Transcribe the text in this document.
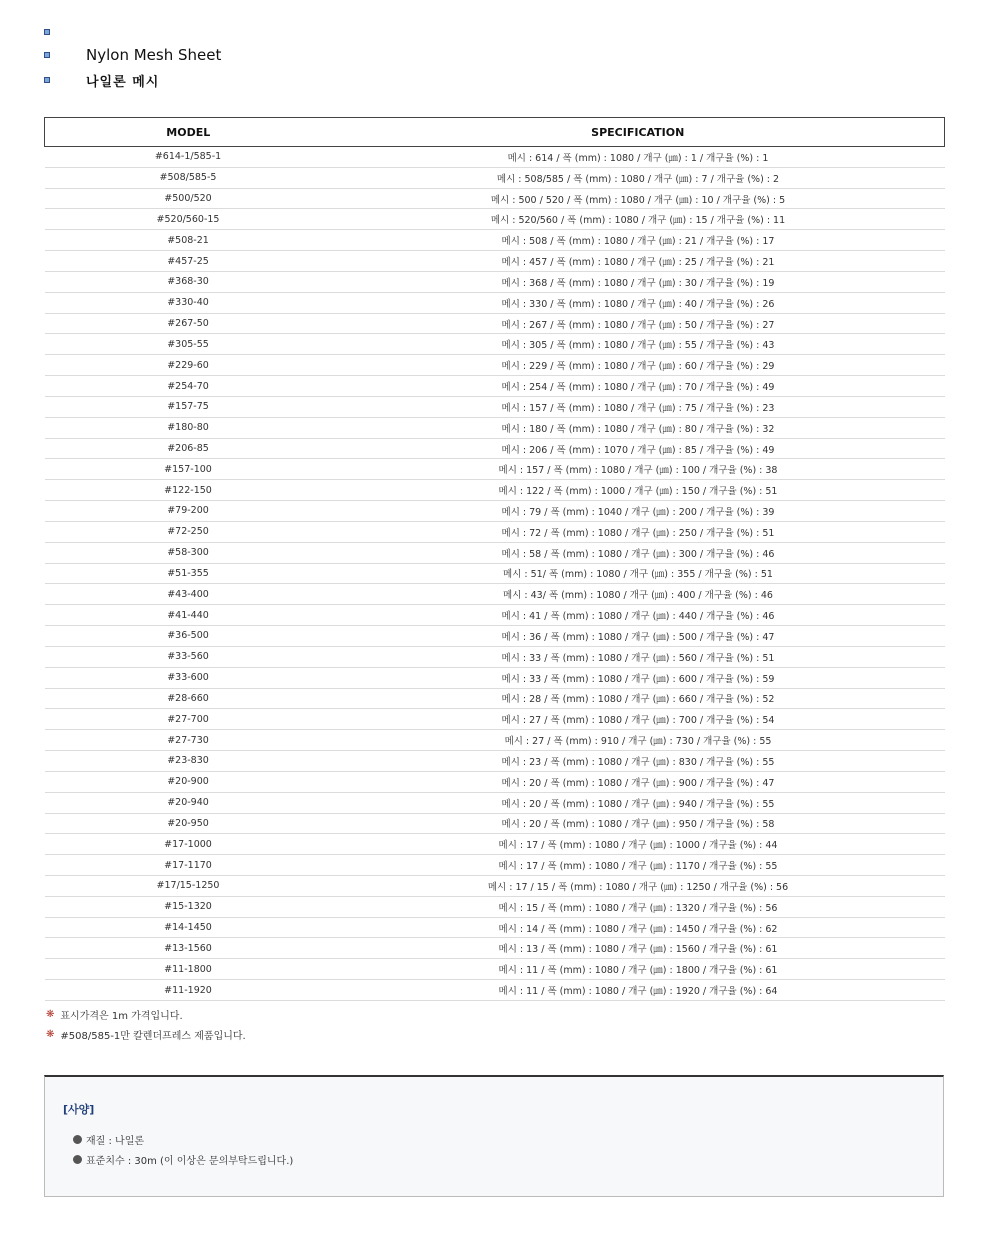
Nylon Mesh Sheet
나일론 메시
MODEL	SPECIFICATION
#614-1/585-1	메시 : 614 / 폭 (mm) : 1080 / 개구 (㎛) : 1 / 개구율 (%) : 1
#508/585-5	메시 : 508/585 / 폭 (mm) : 1080 / 개구 (㎛) : 7 / 개구율 (%) : 2
#500/520	메시 : 500 / 520 / 폭 (mm) : 1080 / 개구 (㎛) : 10 / 개구율 (%) : 5
#520/560-15	메시 : 520/560 / 폭 (mm) : 1080 / 개구 (㎛) : 15 / 개구율 (%) : 11
#508-21	메시 : 508 / 폭 (mm) : 1080 / 개구 (㎛) : 21 / 개구율 (%) : 17
#457-25	메시 : 457 / 폭 (mm) : 1080 / 개구 (㎛) : 25 / 개구율 (%) : 21
#368-30	메시 : 368 / 폭 (mm) : 1080 / 개구 (㎛) : 30 / 개구율 (%) : 19
#330-40	메시 : 330 / 폭 (mm) : 1080 / 개구 (㎛) : 40 / 개구율 (%) : 26
#267-50	메시 : 267 / 폭 (mm) : 1080 / 개구 (㎛) : 50 / 개구율 (%) : 27
#305-55	메시 : 305 / 폭 (mm) : 1080 / 개구 (㎛) : 55 / 개구율 (%) : 43
#229-60	메시 : 229 / 폭 (mm) : 1080 / 개구 (㎛) : 60 / 개구율 (%) : 29
#254-70	메시 : 254 / 폭 (mm) : 1080 / 개구 (㎛) : 70 / 개구율 (%) : 49
#157-75	메시 : 157 / 폭 (mm) : 1080 / 개구 (㎛) : 75 / 개구율 (%) : 23
#180-80	메시 : 180 / 폭 (mm) : 1080 / 개구 (㎛) : 80 / 개구율 (%) : 32
#206-85	메시 : 206 / 폭 (mm) : 1070 / 개구 (㎛) : 85 / 개구율 (%) : 49
#157-100	메시 : 157 / 폭 (mm) : 1080 / 개구 (㎛) : 100 / 개구율 (%) : 38
#122-150	메시 : 122 / 폭 (mm) : 1000 / 개구 (㎛) : 150 / 개구율 (%) : 51
#79-200	메시 : 79 / 폭 (mm) : 1040 / 개구 (㎛) : 200 / 개구율 (%) : 39
#72-250	메시 : 72 / 폭 (mm) : 1080 / 개구 (㎛) : 250 / 개구율 (%) : 51
#58-300	메시 : 58 / 폭 (mm) : 1080 / 개구 (㎛) : 300 / 개구율 (%) : 46
#51-355	메시 : 51/ 폭 (mm) : 1080 / 개구 (㎛) : 355 / 개구율 (%) : 51
#43-400	메시 : 43/ 폭 (mm) : 1080 / 개구 (㎛) : 400 / 개구율 (%) : 46
#41-440	메시 : 41 / 폭 (mm) : 1080 / 개구 (㎛) : 440 / 개구율 (%) : 46
#36-500	메시 : 36 / 폭 (mm) : 1080 / 개구 (㎛) : 500 / 개구율 (%) : 47
#33-560	메시 : 33 / 폭 (mm) : 1080 / 개구 (㎛) : 560 / 개구율 (%) : 51
#33-600	메시 : 33 / 폭 (mm) : 1080 / 개구 (㎛) : 600 / 개구율 (%) : 59
#28-660	메시 : 28 / 폭 (mm) : 1080 / 개구 (㎛) : 660 / 개구율 (%) : 52
#27-700	메시 : 27 / 폭 (mm) : 1080 / 개구 (㎛) : 700 / 개구율 (%) : 54
#27-730	메시 : 27 / 폭 (mm) : 910 / 개구 (㎛) : 730 / 개구율 (%) : 55
#23-830	메시 : 23 / 폭 (mm) : 1080 / 개구 (㎛) : 830 / 개구율 (%) : 55
#20-900	메시 : 20 / 폭 (mm) : 1080 / 개구 (㎛) : 900 / 개구율 (%) : 47
#20-940	메시 : 20 / 폭 (mm) : 1080 / 개구 (㎛) : 940 / 개구율 (%) : 55
#20-950	메시 : 20 / 폭 (mm) : 1080 / 개구 (㎛) : 950 / 개구율 (%) : 58
#17-1000	메시 : 17 / 폭 (mm) : 1080 / 개구 (㎛) : 1000 / 개구율 (%) : 44
#17-1170	메시 : 17 / 폭 (mm) : 1080 / 개구 (㎛) : 1170 / 개구율 (%) : 55
#17/15-1250	메시 : 17 / 15 / 폭 (mm) : 1080 / 개구 (㎛) : 1250 / 개구율 (%) : 56
#15-1320	메시 : 15 / 폭 (mm) : 1080 / 개구 (㎛) : 1320 / 개구율 (%) : 56
#14-1450	메시 : 14 / 폭 (mm) : 1080 / 개구 (㎛) : 1450 / 개구율 (%) : 62
#13-1560	메시 : 13 / 폭 (mm) : 1080 / 개구 (㎛) : 1560 / 개구율 (%) : 61
#11-1800	메시 : 11 / 폭 (mm) : 1080 / 개구 (㎛) : 1800 / 개구율 (%) : 61
#11-1920	메시 : 11 / 폭 (mm) : 1080 / 개구 (㎛) : 1920 / 개구율 (%) : 64
❋ 표시가격은 1m 가격입니다.
❋ #508/585-1만 칼렌더프레스 제품입니다.
[사양]
재질 : 나일론
표준치수 : 30m (이 이상은 문의부탁드립니다.)
